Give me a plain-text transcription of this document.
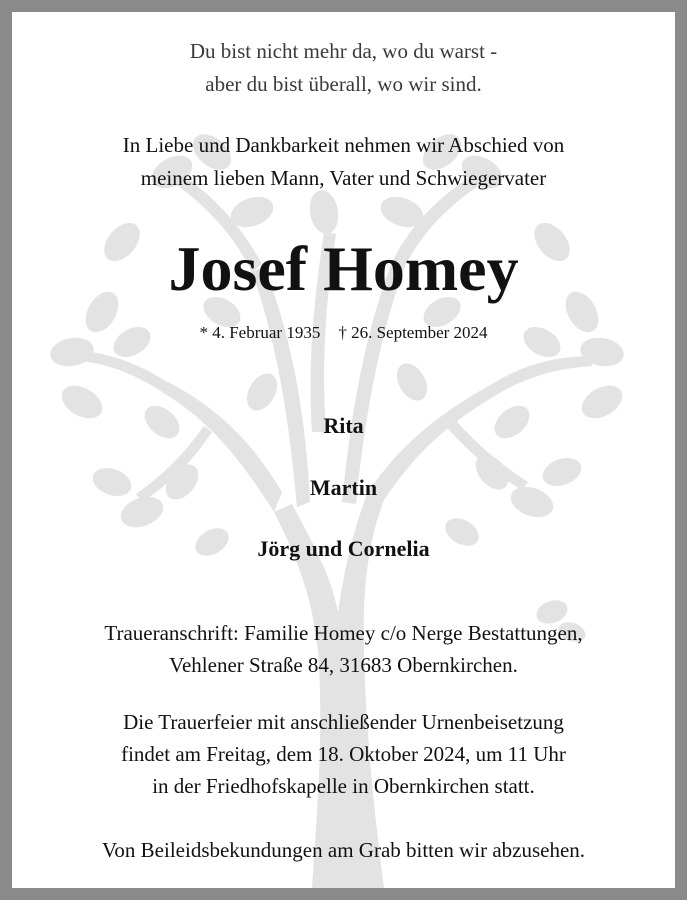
Du bist nicht mehr da, wo du warst -
aber du bist überall, wo wir sind.
In Liebe und Dankbarkeit nehmen wir Abschied von
meinem lieben Mann, Vater und Schwiegervater
Josef Homey
* 4. Februar 1935 † 26. September 2024
Rita
Martin
Jörg und Cornelia
Traueranschrift: Familie Homey c/o Nerge Bestattungen,
Vehlener Straße 84, 31683 Obernkirchen.
Die Trauerfeier mit anschließender Urnenbeisetzung
findet am Freitag, dem 18. Oktober 2024, um 11 Uhr
in der Friedhofskapelle in Obernkirchen statt.
Von Beileidsbekundungen am Grab bitten wir abzusehen.
